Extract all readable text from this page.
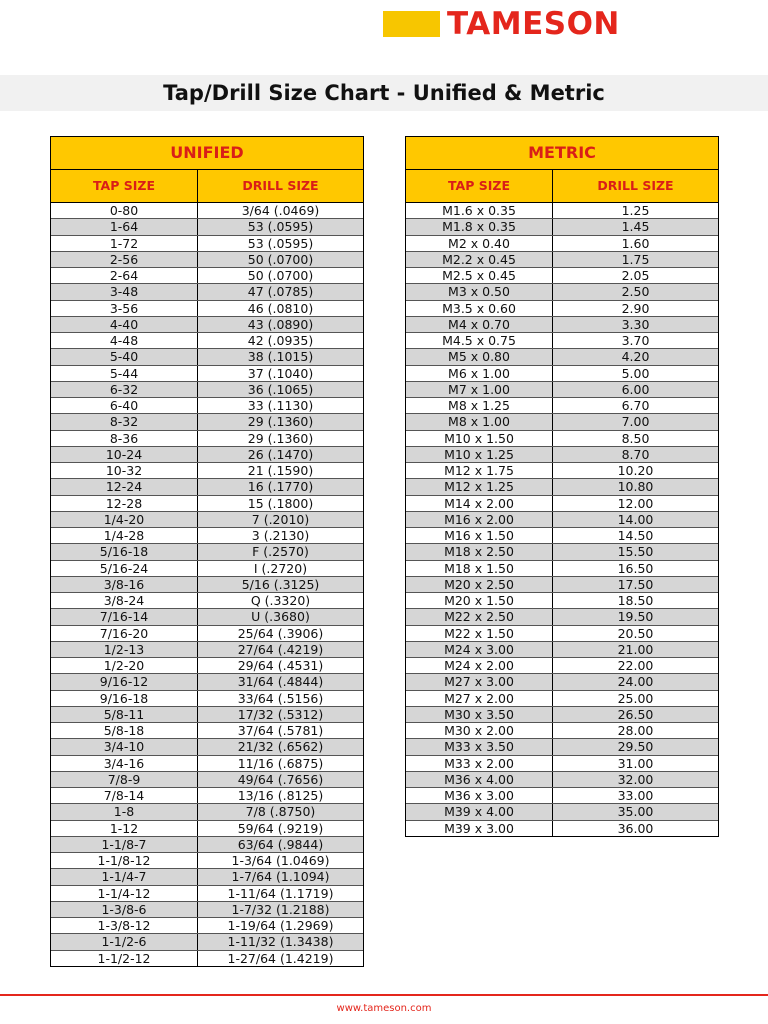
TAMESON
Tap/Drill Size Chart - Unified & Metric
UNIFIED
TAP SIZE	DRILL SIZE
0-80	3/64 (.0469)
1-64	53 (.0595)
1-72	53 (.0595)
2-56	50 (.0700)
2-64	50 (.0700)
3-48	47 (.0785)
3-56	46 (.0810)
4-40	43 (.0890)
4-48	42 (.0935)
5-40	38 (.1015)
5-44	37 (.1040)
6-32	36 (.1065)
6-40	33 (.1130)
8-32	29 (.1360)
8-36	29 (.1360)
10-24	26 (.1470)
10-32	21 (.1590)
12-24	16 (.1770)
12-28	15 (.1800)
1/4-20	7 (.2010)
1/4-28	3 (.2130)
5/16-18	F (.2570)
5/16-24	I (.2720)
3/8-16	5/16 (.3125)
3/8-24	Q (.3320)
7/16-14	U (.3680)
7/16-20	25/64 (.3906)
1/2-13	27/64 (.4219)
1/2-20	29/64 (.4531)
9/16-12	31/64 (.4844)
9/16-18	33/64 (.5156)
5/8-11	17/32 (.5312)
5/8-18	37/64 (.5781)
3/4-10	21/32 (.6562)
3/4-16	11/16 (.6875)
7/8-9	49/64 (.7656)
7/8-14	13/16 (.8125)
1-8	7/8 (.8750)
1-12	59/64 (.9219)
1-1/8-7	63/64 (.9844)
1-1/8-12	1-3/64 (1.0469)
1-1/4-7	1-7/64 (1.1094)
1-1/4-12	1-11/64 (1.1719)
1-3/8-6	1-7/32 (1.2188)
1-3/8-12	1-19/64 (1.2969)
1-1/2-6	1-11/32 (1.3438)
1-1/2-12	1-27/64 (1.4219)
METRIC
TAP SIZE	DRILL SIZE
M1.6 x 0.35	1.25
M1.8 x 0.35	1.45
M2 x 0.40	1.60
M2.2 x 0.45	1.75
M2.5 x 0.45	2.05
M3 x 0.50	2.50
M3.5 x 0.60	2.90
M4 x 0.70	3.30
M4.5 x 0.75	3.70
M5 x 0.80	4.20
M6 x 1.00	5.00
M7 x 1.00	6.00
M8 x 1.25	6.70
M8 x 1.00	7.00
M10 x 1.50	8.50
M10 x 1.25	8.70
M12 x 1.75	10.20
M12 x 1.25	10.80
M14 x 2.00	12.00
M16 x 2.00	14.00
M16 x 1.50	14.50
M18 x 2.50	15.50
M18 x 1.50	16.50
M20 x 2.50	17.50
M20 x 1.50	18.50
M22 x 2.50	19.50
M22 x 1.50	20.50
M24 x 3.00	21.00
M24 x 2.00	22.00
M27 x 3.00	24.00
M27 x 2.00	25.00
M30 x 3.50	26.50
M30 x 2.00	28.00
M33 x 3.50	29.50
M33 x 2.00	31.00
M36 x 4.00	32.00
M36 x 3.00	33.00
M39 x 4.00	35.00
M39 x 3.00	36.00
www.tameson.com
